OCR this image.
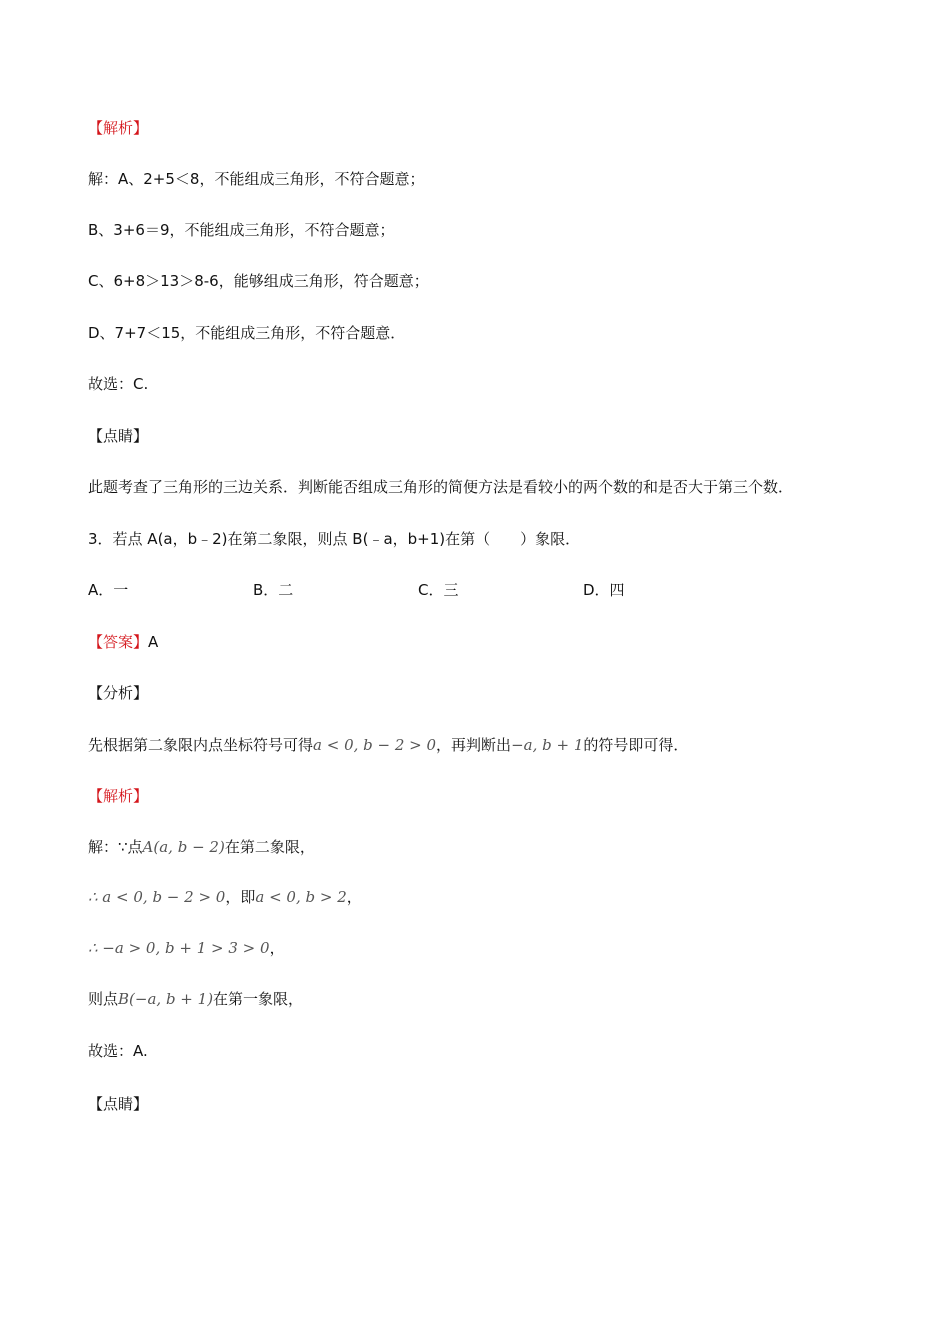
【解析】
解：A、2+5＜8，不能组成三角形，不符合题意；
B、3+6＝9，不能组成三角形，不符合题意；
C、6+8＞13＞8-6，能够组成三角形，符合题意；
D、7+7＜15，不能组成三角形，不符合题意．
故选：C.
【点睛】
此题考查了三角形的三边关系．判断能否组成三角形的简便方法是看较小的两个数的和是否大于第三个数．
3．若点 A(a，b﹣2)在第二象限，则点 B(﹣a，b+1)在第（　　）象限．
A．一	B．二	C．三	D．四
【答案】A
【分析】
先根据第二象限内点坐标符号可得a < 0, b − 2 > 0，再判断出−a, b + 1的符号即可得．
【解析】
解：∵点A(a, b − 2)在第二象限，
∴ a < 0, b − 2 > 0，即a < 0, b > 2，
∴ −a > 0, b + 1 > 3 > 0，
则点B(−a, b + 1)在第一象限，
故选：A.
【点睛】
